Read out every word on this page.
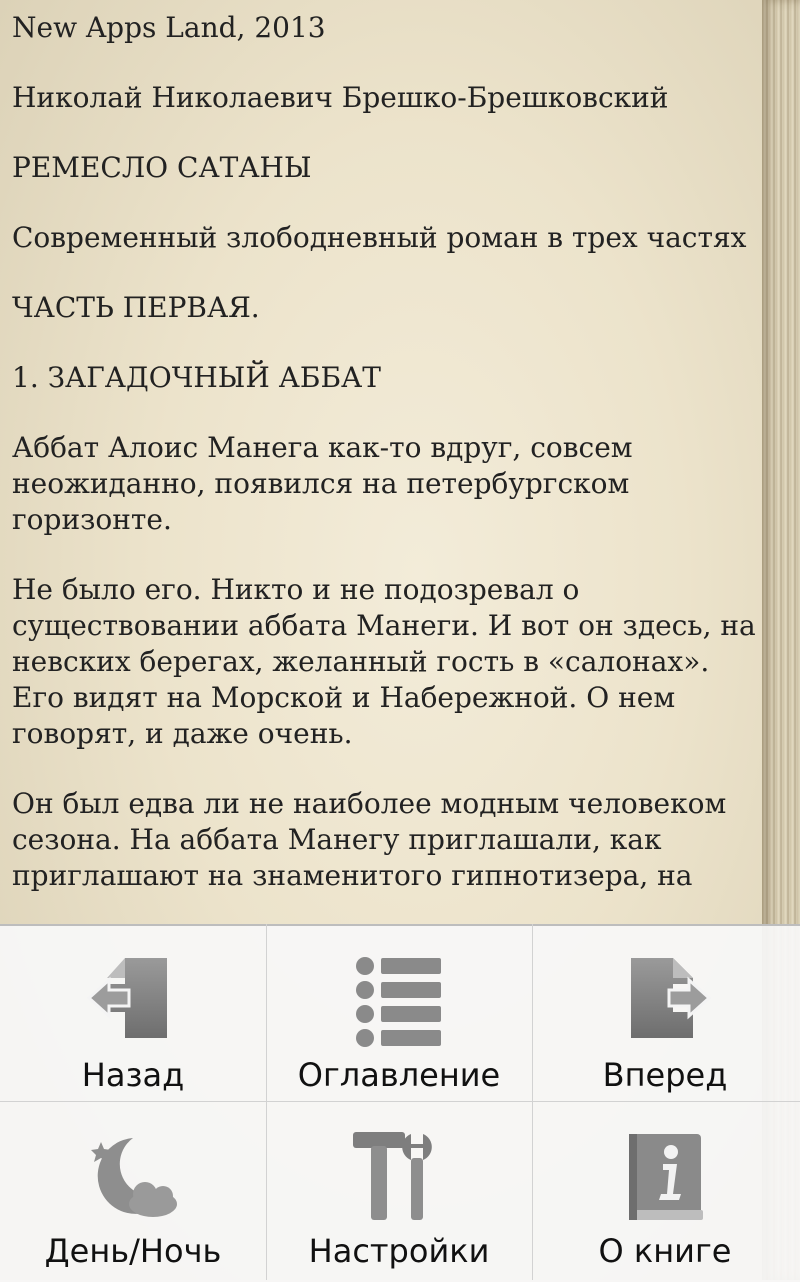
New Apps Land, 2013

Николай Николаевич Брешко-Брешковский

РЕМЕСЛО САТАНЫ

Современный злободневный роман в трех частях

ЧАСТЬ ПЕРВАЯ.

1. ЗАГАДОЧНЫЙ АББАТ

Аббат Алоис Манега как-то вдруг, совсем неожиданно, появился на петербургском горизонте.

Не было его. Никто и не подозревал о существовании аббата Манеги. И вот он здесь, на невских берегах, желанный гость в «салонах». Его видят на Морской и Набережной. О нем говорят, и даже очень.

Он был едва ли не наиболее модным человеком сезона. На аббата Манегу приглашали, как приглашают на знаменитого гипнотизера, на

Назад	Оглавление	Вперед
День/Ночь	Настройки	О книге
